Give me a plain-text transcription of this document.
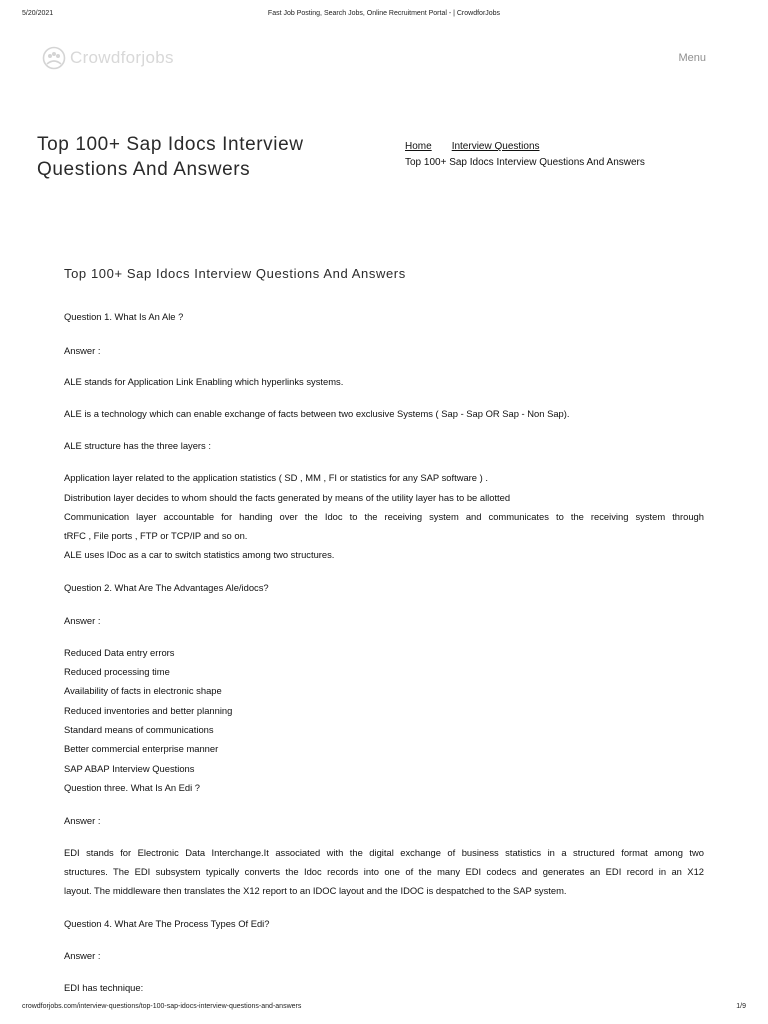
5/20/2021	Fast Job Posting, Search Jobs, Online Recruitment Portal - | CrowdforJobs
Crowdforjobs	Menu
Top 100+ Sap Idocs Interview Questions And Answers
Home Interview Questions
Top 100+ Sap Idocs Interview Questions And Answers
Top 100+ Sap Idocs Interview Questions And Answers

Question 1. What Is An Ale ?

Answer :

ALE stands for Application Link Enabling which hyperlinks systems.

ALE is a technology which can enable exchange of facts between two exclusive Systems ( Sap - Sap OR Sap - Non Sap).

ALE structure has the three layers :

Application layer related to the application statistics ( SD , MM , FI or statistics for any SAP software ) .

Distribution layer decides to whom should the facts generated by means of the utility layer has to be allotted

Communication layer accountable for handing over the Idoc to the receiving system and communicates to the receiving system through

tRFC , File ports , FTP or TCP/IP and so on.

ALE uses IDoc as a car to switch statistics among two structures.

Question 2. What Are The Advantages Ale/idocs?

Answer :

Reduced Data entry errors

Reduced processing time

Availability of facts in electronic shape

Reduced inventories and better planning

Standard means of communications

Better commercial enterprise manner

SAP ABAP Interview Questions

Question three. What Is An Edi ?

Answer :

EDI stands for Electronic Data Interchange.It associated with the digital exchange of business statistics in a structured format among two

structures. The EDI subsystem typically converts the Idoc records into one of the many EDI codecs and generates an EDI record in an X12

layout. The middleware then translates the X12 report to an IDOC layout and the IDOC is despatched to the SAP system.

Question 4. What Are The Process Types Of Edi?

Answer :

EDI has technique:

crowdforjobs.com/interview-questions/top-100-sap-idocs-interview-questions-and-answers	1/9
